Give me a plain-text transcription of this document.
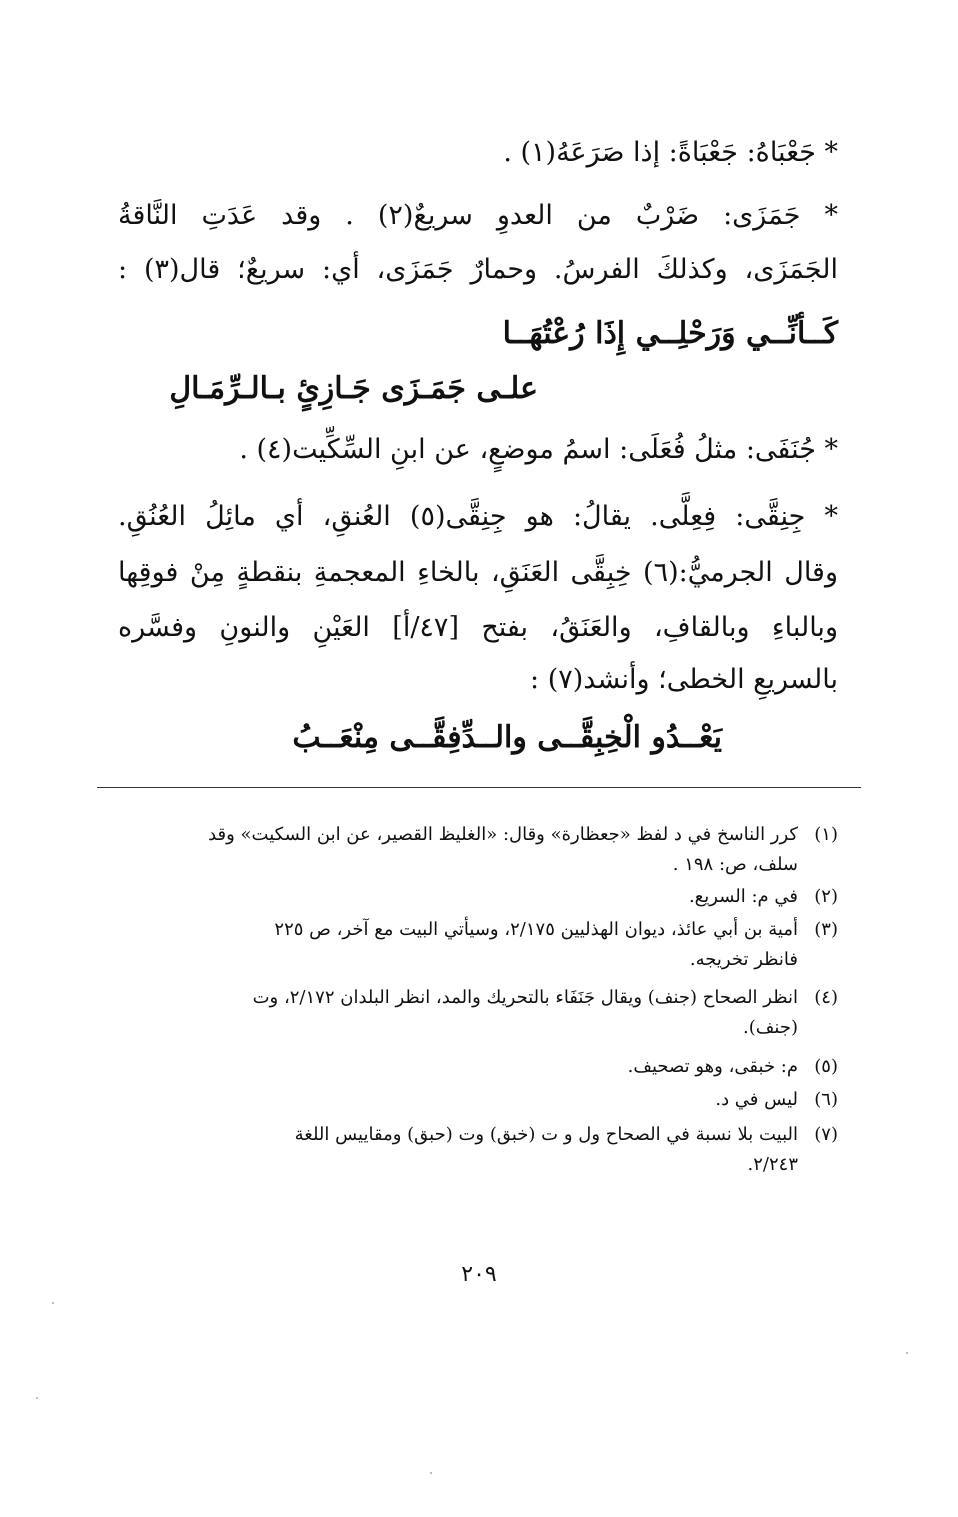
* جَعْبَاهُ: جَعْبَاةً: إذا صَرَعَهُ(١) .
* جَمَزَى: ضَرْبٌ من العدوِ سريعٌ(٢) . وقد عَدَتِ النَّاقةُ
الجَمَزَى، وكذلكَ الفرسُ. وحمارٌ جَمَزَى، أي: سريعٌ؛ قال(٣) :
كَــأنِّــي وَرَحْلِــي إِذَا رُعْتُهَــا
علـى جَمَـزَى جَـازِئٍ بـالـرِّمَـالِ
* جُنَفَى: مثلُ فُعَلَى: اسمُ موضعٍ، عن ابنِ السِّكِّيت(٤) .
* جِنِقَّى: فِعِلَّى. يقالُ: هو جِنِقَّى(٥) العُنقِ، أي مائِلُ العُنُقِ.
وقال الجرميُّ:(٦) خِبِقَّى العَنَقِ، بالخاءِ المعجمةِ بنقطةٍ مِنْ فوقِها
وبالباءِ وبالقافِ، والعَنَقُ، بفتح [٤٧/أ] العَيْنِ والنونِ وفسَّره
بالسريعِ الخطى؛ وأنشد(٧) :
يَعْــدُو الْخِبِقَّــى والــدِّفِقَّــى مِنْعَــبُ
(١)كرر الناسخ في د لفظ «جعظارة» وقال: «الغليظ القصير، عن ابن السكيت» وقد
سلف، ص: ١٩٨ .
(٢)في م: السريع.
(٣)أمية بن أبي عائذ، ديوان الهذليين ٢/١٧٥، وسيأتي البيت مع آخر، ص ٢٢٥
فانظر تخريجه.
(٤)انظر الصحاح (جنف) ويقال جَنَفَاء بالتحريك والمد، انظر البلدان ٢/١٧٢، وت
(جنف).
(٥)م: خبقى، وهو تصحيف.
(٦)ليس في د.
(٧)البيت بلا نسبة في الصحاح ول و ت (خبق) وت (حبق) ومقاييس اللغة
٢/٢٤٣.
٢٠٩
